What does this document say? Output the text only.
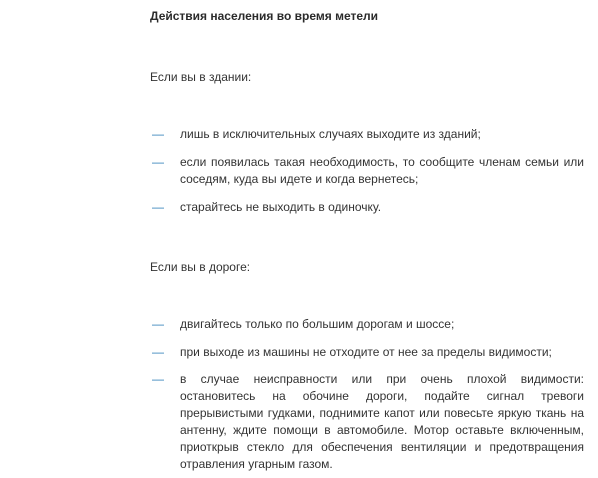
Действия населения во время метели
Если вы в здании:
—
лишь в исключительных случаях выходите из зданий;
—
если появилась такая необходимость, то сообщите членам семьи или соседям, куда вы идете и когда вернетесь;
—
старайтесь не выходить в одиночку.
Если вы в дороге:
—
двигайтесь только по большим дорогам и шоссе;
—
при выходе из машины не отходите от нее за пределы видимости;
—
в случае неисправности или при очень плохой видимости: остановитесь на обочине дороги, подайте сигнал тревоги прерывистыми гудками, поднимите капот или повесьте яркую ткань на антенну, ждите помощи в автомобиле. Мотор оставьте включенным, приоткрыв стекло для обеспечения вентиляции и предотвращения отравления угарным газом.
